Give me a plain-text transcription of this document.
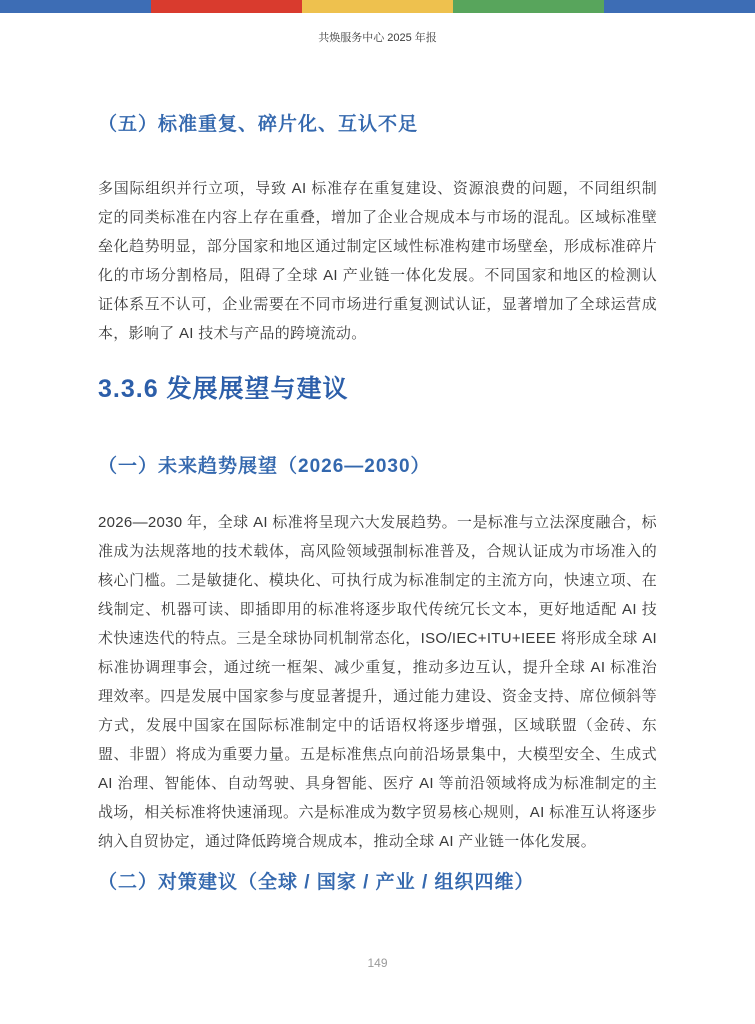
共焕服务中心 2025 年报
（五）标准重复、碎片化、互认不足

多国际组织并行立项，导致 AI 标准存在重复建设、资源浪费的问题，不同组织制定的同类标准在内容上存在重叠，增加了企业合规成本与市场的混乱。区域标准壁垒化趋势明显，部分国家和地区通过制定区域性标准构建市场壁垒，形成标准碎片化的市场分割格局，阻碍了全球 AI 产业链一体化发展。不同国家和地区的检测认证体系互不认可，企业需要在不同市场进行重复测试认证，显著增加了全球运营成本，影响了 AI 技术与产品的跨境流动。

3.3.6 发展展望与建议
（一）未来趋势展望（2026—2030）

2026—2030 年，全球 AI 标准将呈现六大发展趋势。一是标准与立法深度融合，标准成为法规落地的技术载体，高风险领域强制标准普及，合规认证成为市场准入的核心门槛。二是敏捷化、模块化、可执行成为标准制定的主流方向，快速立项、在线制定、机器可读、即插即用的标准将逐步取代传统冗长文本，更好地适配 AI 技术快速迭代的特点。三是全球协同机制常态化，ISO/IEC+ITU+IEEE 将形成全球 AI 标准协调理事会，通过统一框架、减少重复，推动多边互认，提升全球 AI 标准治理效率。四是发展中国家参与度显著提升，通过能力建设、资金支持、席位倾斜等方式，发展中国家在国际标准制定中的话语权将逐步增强，区域联盟（金砖、东盟、非盟）将成为重要力量。五是标准焦点向前沿场景集中，大模型安全、生成式 AI 治理、智能体、自动驾驶、具身智能、医疗 AI 等前沿领域将成为标准制定的主战场，相关标准将快速涌现。六是标准成为数字贸易核心规则，AI 标准互认将逐步纳入自贸协定，通过降低跨境合规成本，推动全球 AI 产业链一体化发展。

（二）对策建议（全球 / 国家 / 产业 / 组织四维）
149
